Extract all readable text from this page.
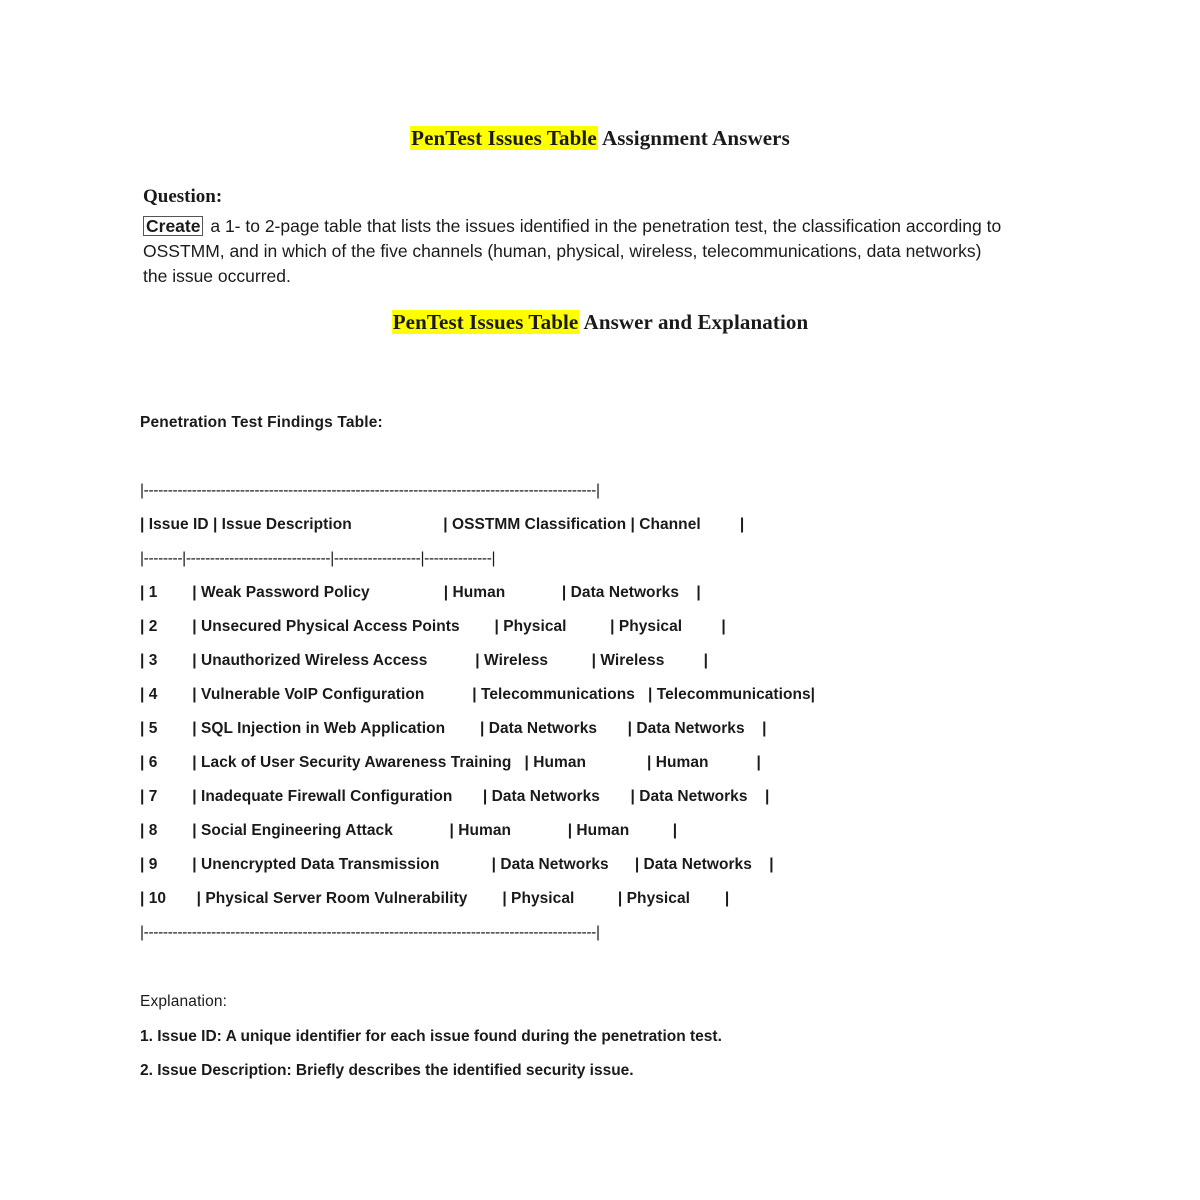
PenTest Issues Table Assignment Answers
Question:
Create a 1- to 2-page table that lists the issues identified in the penetration test, the classification according to OSSTMM, and in which of the five channels (human, physical, wireless, telecommunications, data networks) the issue occurred.
PenTest Issues Table Answer and Explanation
Penetration Test Findings Table:
|----------------------------------------------------------------------------------------------|
| Issue ID | Issue Description                     | OSSTMM Classification | Channel         |
|--------|------------------------------|------------------|--------------|
| 1        | Weak Password Policy                 | Human             | Data Networks    |
| 2        | Unsecured Physical Access Points        | Physical          | Physical         |
| 3        | Unauthorized Wireless Access           | Wireless          | Wireless         |
| 4        | Vulnerable VoIP Configuration           | Telecommunications   | Telecommunications|
| 5        | SQL Injection in Web Application        | Data Networks       | Data Networks    |
| 6        | Lack of User Security Awareness Training   | Human              | Human           |
| 7        | Inadequate Firewall Configuration       | Data Networks       | Data Networks    |
| 8        | Social Engineering Attack             | Human             | Human          |
| 9        | Unencrypted Data Transmission            | Data Networks      | Data Networks    |
| 10       | Physical Server Room Vulnerability        | Physical          | Physical        |
|----------------------------------------------------------------------------------------------|
Explanation:
1. Issue ID: A unique identifier for each issue found during the penetration test.
2. Issue Description: Briefly describes the identified security issue.
